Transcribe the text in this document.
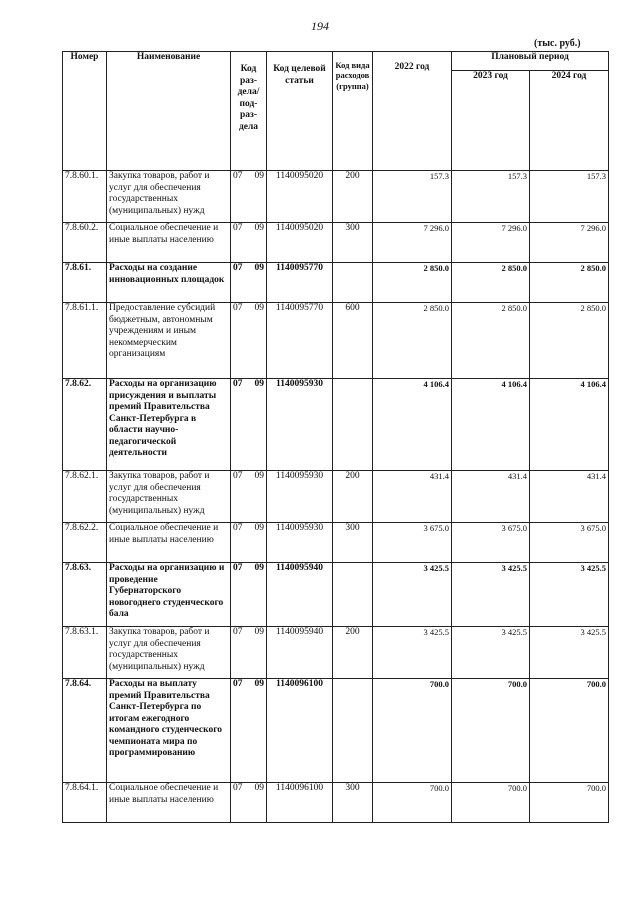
194
(тыс. руб.)
Номер	Наименование	Код раз- дела/ под- раз- дела		Код целевой статьи	Код вида расходов (группа)	2022 год	Плановый период	
							2023 год	2024 год
7.8.60.1.	Закупка товаров, работ и услуг для обеспечения государственных (муниципальных) нужд	07	09	1140095020	200	157.3	157.3	157.3
7.8.60.2.	Социальное обеспечение и иные выплаты населению	07	09	1140095020	300	7 296.0	7 296.0	7 296.0
7.8.61.	Расходы на создание инновационных площадок	07	09	1140095770		2 850.0	2 850.0	2 850.0
7.8.61.1.	Предоставление субсидий бюджетным, автономным учреждениям и иным некоммерческим организациям	07	09	1140095770	600	2 850.0	2 850.0	2 850.0
7.8.62.	Расходы на организацию присуждения и выплаты премий Правительства Санкт-Петербурга в области научно-педагогической деятельности	07	09	1140095930		4 106.4	4 106.4	4 106.4
7.8.62.1.	Закупка товаров, работ и услуг для обеспечения государственных (муниципальных) нужд	07	09	1140095930	200	431.4	431.4	431.4
7.8.62.2.	Социальное обеспечение и иные выплаты населению	07	09	1140095930	300	3 675.0	3 675.0	3 675.0
7.8.63.	Расходы на организацию и проведение Губернаторского новогоднего студенческого бала	07	09	1140095940		3 425.5	3 425.5	3 425.5
7.8.63.1.	Закупка товаров, работ и услуг для обеспечения государственных (муниципальных) нужд	07	09	1140095940	200	3 425.5	3 425.5	3 425.5
7.8.64.	Расходы на выплату премий Правительства Санкт-Петербурга по итогам ежегодного командного студенческого чемпионата мира по программированию	07	09	1140096100		700.0	700.0	700.0
7.8.64.1.	Социальное обеспечение и иные выплаты населению	07	09	1140096100	300	700.0	700.0	700.0
